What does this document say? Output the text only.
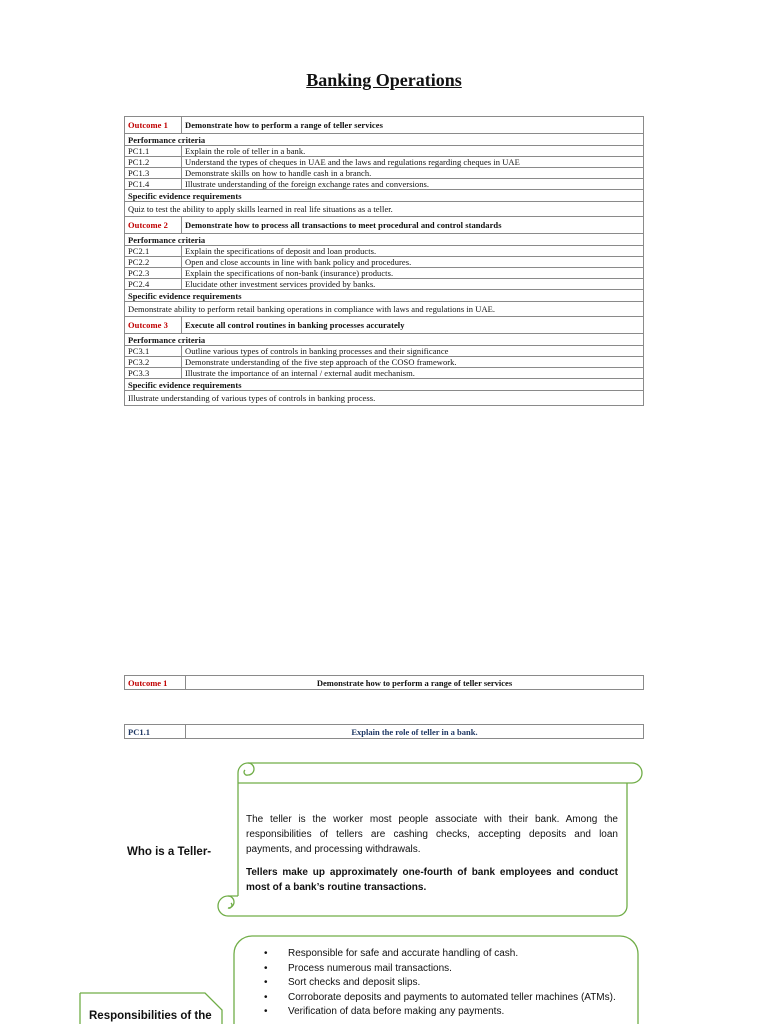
Banking Operations
Outcome 1	Demonstrate how to perform a range of teller services
Performance criteria	
PC1.1	Explain the role of teller in a bank.
PC1.2	Understand the types of cheques in UAE and the laws and regulations regarding cheques in UAE
PC1.3	Demonstrate skills on how to handle cash in a branch.
PC1.4	Illustrate understanding of the foreign exchange rates and conversions.
Specific evidence requirements	
Quiz to test the ability to apply skills learned in real life situations as a teller.	
Outcome 2	Demonstrate how to process all transactions to meet procedural and control standards
Performance criteria	
PC2.1	Explain the specifications of deposit and loan products.
PC2.2	Open and close accounts in line with bank policy and procedures.
PC2.3	Explain the specifications of non-bank (insurance) products.
PC2.4	Elucidate other investment services provided by banks.
Specific evidence requirements	
Demonstrate ability to perform retail banking operations in compliance with laws and regulations in UAE.	
Outcome 3	Execute all control routines in banking processes accurately
Performance criteria	
PC3.1	Outline various types of controls in banking processes and their significance
PC3.2	Demonstrate understanding of the five step approach of the COSO framework.
PC3.3	Illustrate the importance of an internal / external audit mechanism.
Specific evidence requirements	
Illustrate understanding of various types of controls in banking process.	
Outcome 1	Demonstrate how to perform a range of teller services
PC1.1	Explain the role of teller in a bank.
Who is a Teller-

The teller is the worker most people associate with their bank. Among the responsibilities of tellers are cashing checks, accepting deposits and loan payments, and processing withdrawals.

Tellers make up approximately one-fourth of bank employees and conduct most of a bank’s routine transactions.

Responsibilities of the
• Responsible for safe and accurate handling of cash.
• Process numerous mail transactions.
• Sort checks and deposit slips.
• Corroborate deposits and payments to automated teller machines (ATMs).
• Verification of data before making any payments.
